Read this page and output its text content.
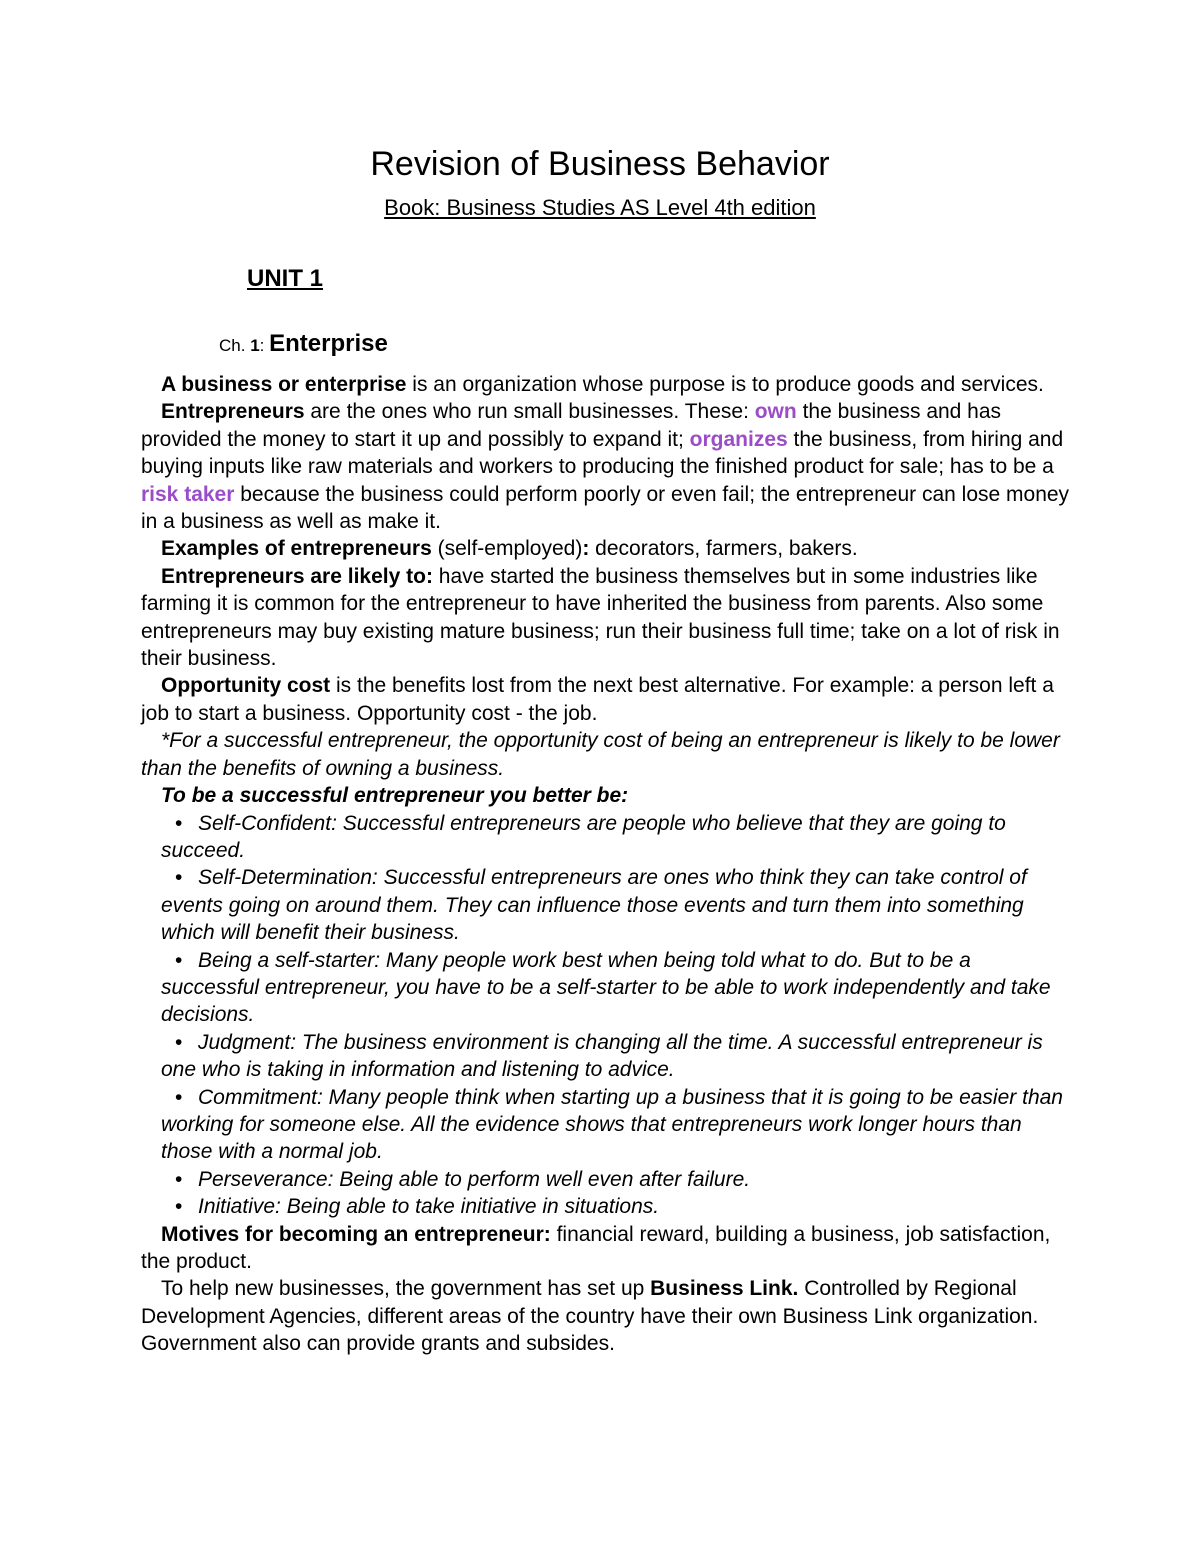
Revision of Business Behavior
Book: Business Studies AS Level 4th edition
UNIT 1
Ch. 1: Enterprise

A business or enterprise is an organization whose purpose is to produce goods and services.

Entrepreneurs are the ones who run small businesses. These: own the business and has provided the money to start it up and possibly to expand it; organizes the business, from hiring and buying inputs like raw materials and workers to producing the finished product for sale; has to be a risk taker because the business could perform poorly or even fail; the entrepreneur can lose money in a business as well as make it.

Examples of entrepreneurs (self-employed): decorators, farmers, bakers.

Entrepreneurs are likely to: have started the business themselves but in some industries like farming it is common for the entrepreneur to have inherited the business from parents. Also some entrepreneurs may buy existing mature business; run their business full time; take on a lot of risk in their business.

Opportunity cost is the benefits lost from the next best alternative. For example: a person left a job to start a business. Opportunity cost - the job.

*For a successful entrepreneur, the opportunity cost of being an entrepreneur is likely to be lower than the benefits of owning a business.

To be a successful entrepreneur you better be:

• Self-Confident: Successful entrepreneurs are people who believe that they are going to succeed.
• Self-Determination: Successful entrepreneurs are ones who think they can take control of events going on around them. They can influence those events and turn them into something which will benefit their business.
• Being a self-starter: Many people work best when being told what to do. But to be a successful entrepreneur, you have to be a self-starter to be able to work independently and take decisions.
• Judgment: The business environment is changing all the time. A successful entrepreneur is one who is taking in information and listening to advice.
• Commitment: Many people think when starting up a business that it is going to be easier than working for someone else. All the evidence shows that entrepreneurs work longer hours than those with a normal job.
• Perseverance: Being able to perform well even after failure.
• Initiative: Being able to take initiative in situations.

Motives for becoming an entrepreneur: financial reward, building a business, job satisfaction, the product.

To help new businesses, the government has set up Business Link. Controlled by Regional Development Agencies, different areas of the country have their own Business Link organization. Government also can provide grants and subsides.
